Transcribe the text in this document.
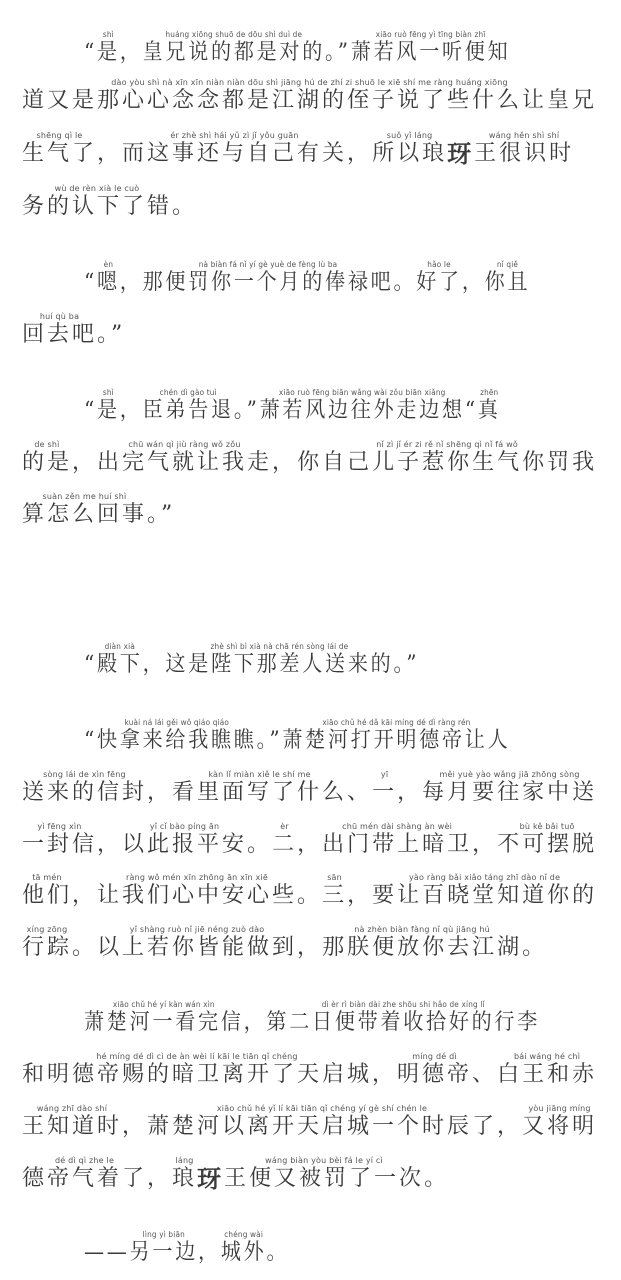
“
shì
是 ，
huáng xiōng shuō de dōu shì duì de
皇兄说的都是对的 。”
xiāo ruò fēng yì tīng biàn zhī
萧若风一听便知
dào yòu shì nà xīn xīn niàn niàn dōu shì jiāng hú de zhí zi shuō le xiē shí me ràng huáng xiōng
道又是那心心念念都是江湖的侄子说了些什么让皇兄
shēng qì le
生气了 ，
ér zhè shì hái yǔ zì jǐ yǒu guān
而这事还与自己有关 ，
suǒ yǐ láng
所以琅 玡
wáng hěn shì shí
王很识时
wù de rèn xià le cuò
务的认下了错 。
“
èn
嗯 ，
nà biàn fá nǐ yí gè yuè de fèng lù ba
那便罚你一个月的俸禄吧 。
hǎo le
好了 ，
nǐ qiě
你且
huí qù ba
回去吧 。”
“
shì
是 ，
chén dì gào tuì
臣弟告退 。”
xiāo ruò fēng biān wǎng wài zǒu biān xiǎng
萧若风边往外走边想 “
zhēn
真
de shì
的是 ，
chū wán qì jiù ràng wǒ zǒu
出完气就让我走 ，
nǐ zì jǐ ér zi rě nǐ shēng qì nǐ fá wǒ
你自己儿子惹你生气你罚我
suàn zěn me huí shì
算怎么回事 。”
“
diàn xià
殿下 ，
zhè shì bì xià nà chā rén sòng lái de
这是陛下那差人送来的 。”
“
kuài ná lái gěi wǒ qiáo qiáo
快拿来给我瞧瞧 。”
xiāo chǔ hé dǎ kāi míng dé dì ràng rén
萧楚河打开明德帝让人
sòng lái de xìn fēng
送来的信封 ，
kàn lǐ miàn xiě le shí me
看里面写了什么 、
yī
一 ，
měi yuè yào wǎng jiā zhōng sòng
每月要往家中送
yì fēng xìn
一封信 ，
yǐ cǐ bào píng ān
以此报平安 。
èr
二 ，
chū mén dài shàng àn wèi
出门带上暗卫 ，
bù kě bǎi tuō
不可摆脱
tā mén
他们 ，
ràng wǒ mén xīn zhōng ān xīn xiē
让我们心中安心些 。
sān
三 ，
yào ràng bǎi xiǎo táng zhī dào nǐ de
要让百晓堂知道你的
xíng zōng
行踪 。
yǐ shàng ruò nǐ jiē néng zuò dào
以上若你皆能做到 ，
nà zhèn biàn fàng nǐ qù jiāng hú
那朕便放你去江湖 。
xiāo chǔ hé yí kàn wán xìn
萧楚河一看完信 ，
dì èr rì biàn dài zhe shōu shi hǎo de xíng lǐ
第二日便带着收拾好的行李
hé míng dé dì cì de àn wèi lí kāi le tiān qǐ chéng
和明德帝赐的暗卫离开了天启城 ，
míng dé dì
明德帝 、
bái wáng hé chì
白王和赤
wáng zhī dào shí
王知道时 ，
xiāo chǔ hé yǐ lí kāi tiān qǐ chéng yí gè shí chén le
萧楚河以离开天启城一个时辰了 ，
yòu jiāng míng
又将明
dé dì qì zhe le
德帝气着了 ，
láng
琅 玡
wáng biàn yòu bèi fá le yí cì
王便又被罚了一次 。
——
lìng yì biān
另一边 ，
chéng wài
城外 。
